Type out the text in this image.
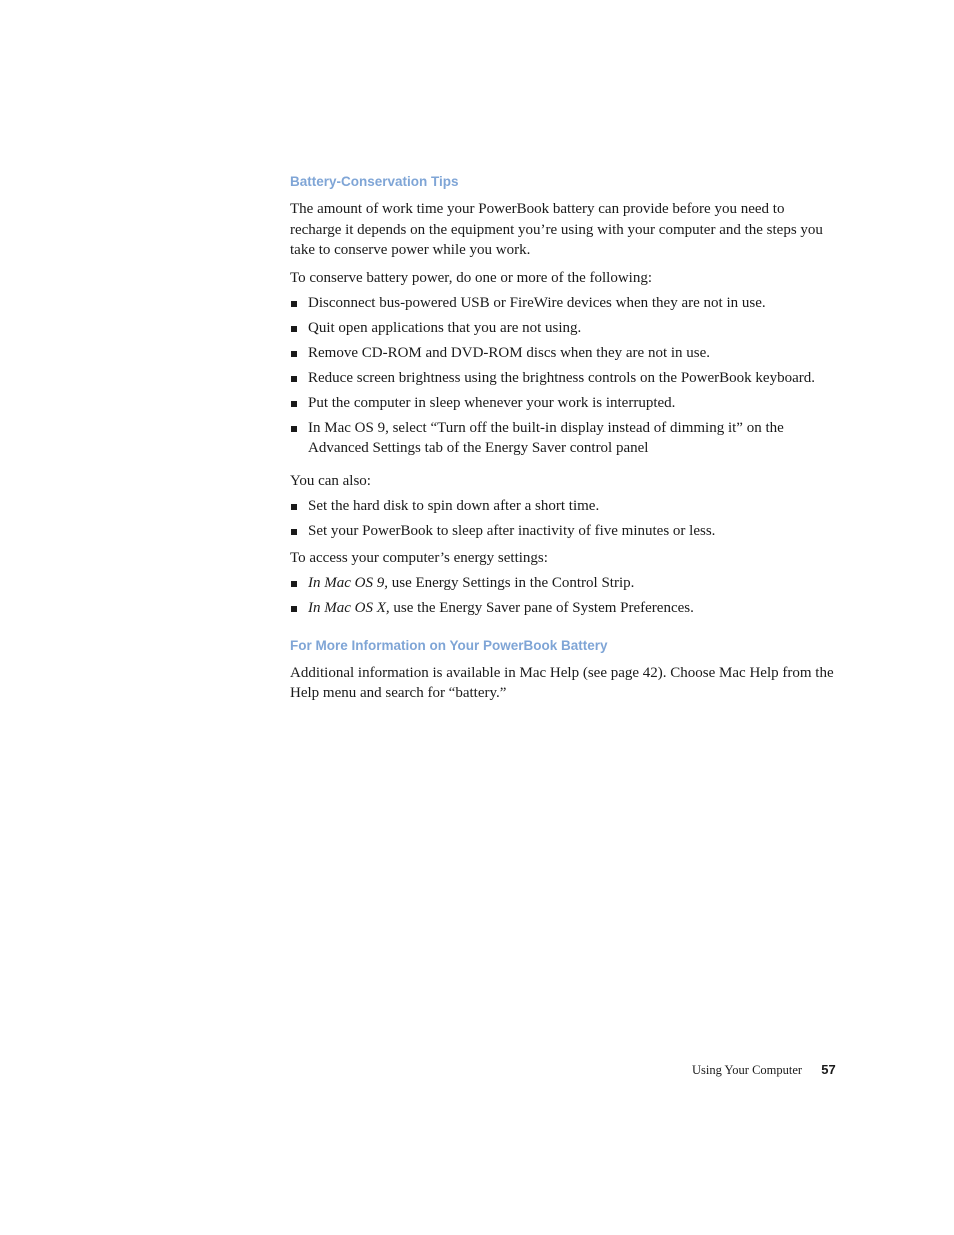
Battery-Conservation Tips

The amount of work time your PowerBook battery can provide before you need to recharge it depends on the equipment you’re using with your computer and the steps you take to conserve power while you work.

To conserve battery power, do one or more of the following:

Disconnect bus-powered USB or FireWire devices when they are not in use.
Quit open applications that you are not using.
Remove CD-ROM and DVD-ROM discs when they are not in use.
Reduce screen brightness using the brightness controls on the PowerBook keyboard.
Put the computer in sleep whenever your work is interrupted.
In Mac OS 9, select “Turn off the built-in display instead of dimming it” on the Advanced Settings tab of the Energy Saver control panel

You can also:

Set the hard disk to spin down after a short time.
Set your PowerBook to sleep after inactivity of five minutes or less.

To access your computer’s energy settings:

In Mac OS 9, use Energy Settings in the Control Strip.
In Mac OS X, use the Energy Saver pane of System Preferences.
For More Information on Your PowerBook Battery

Additional information is available in Mac Help (see page 42). Choose Mac Help from the Help menu and search for “battery.”

Using Your Computer 57
